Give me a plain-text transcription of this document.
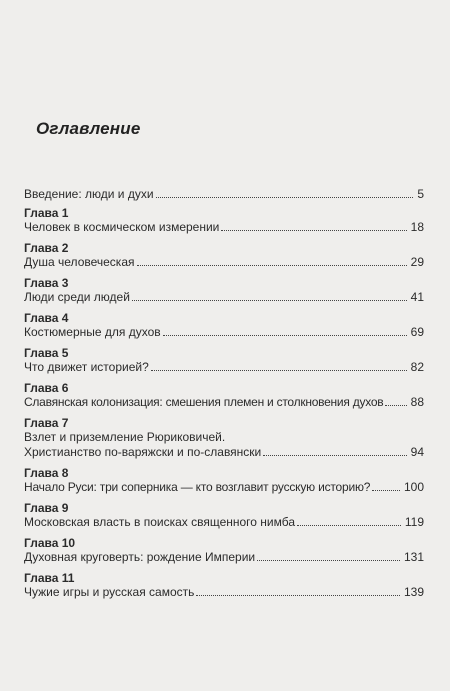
Оглавление
Введение: люди и духи	5
Глава 1
Человек в космическом измерении	18
Глава 2
Душа человеческая	29
Глава 3
Люди среди людей	41
Глава 4
Костюмерные для духов	69
Глава 5
Что движет историей?	82
Глава 6
Славянская колонизация: смешения племен и столкновения духов 88
Глава 7
Взлет и приземление Рюриковичей.
Христианство по-варяжски и по-славянски	94
Глава 8
Начало Руси: три соперника — кто возглавит русскую историю?	100
Глава 9
Московская власть в поисках священного нимба	119
Глава 10
Духовная круговерть: рождение Империи	131
Глава 11
Чужие игры и русская самость	139
